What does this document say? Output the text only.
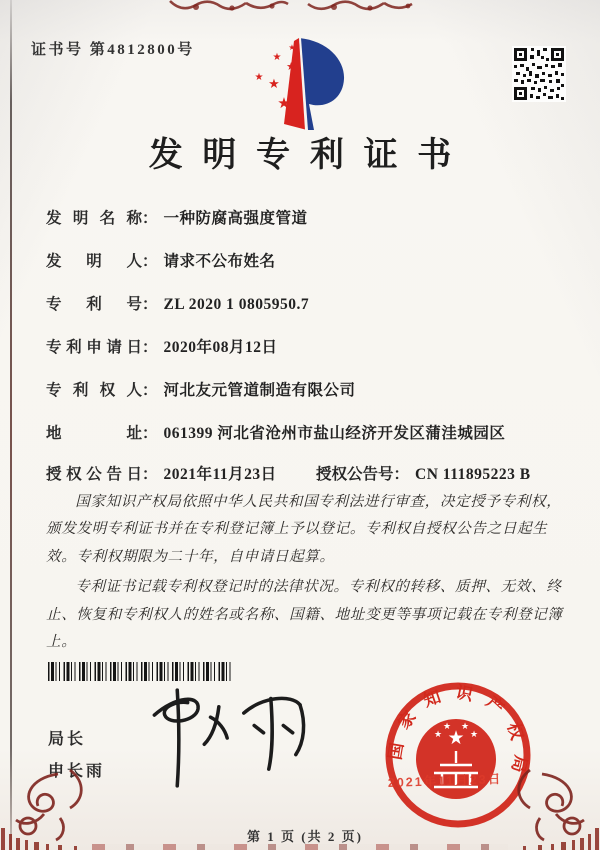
证书号 第4812800号	★
★
★
★ ★
★
发明专利证书
发明名称： 一种防腐高强度管道
发明人： 请求不公布姓名
专利号： ZL 2020 1 0805950.7
专利申请日： 2020年08月12日
专利权人： 河北友元管道制造有限公司
地址： 061399 河北省沧州市盐山经济开发区蒲洼城园区
授权公告日： 2021年11月23日	授权公告号： CN 111895223 B

国家知识产权局依照中华人民共和国专利法进行审查，决定授予专利权，颁发发明专利证书并在专利登记簿上予以登记。专利权自授权公告之日起生效。专利权期限为二十年，自申请日起算。

专利证书记载专利权登记时的法律状况。专利权的转移、质押、无效、终止、恢复和专利权人的姓名或名称、国籍、地址变更等事项记载在专利登记簿上。

局长
申长雨
国家知识产权局
★
★
★ ★
★
2021年11月23日
第 1 页 (共 2 页)
